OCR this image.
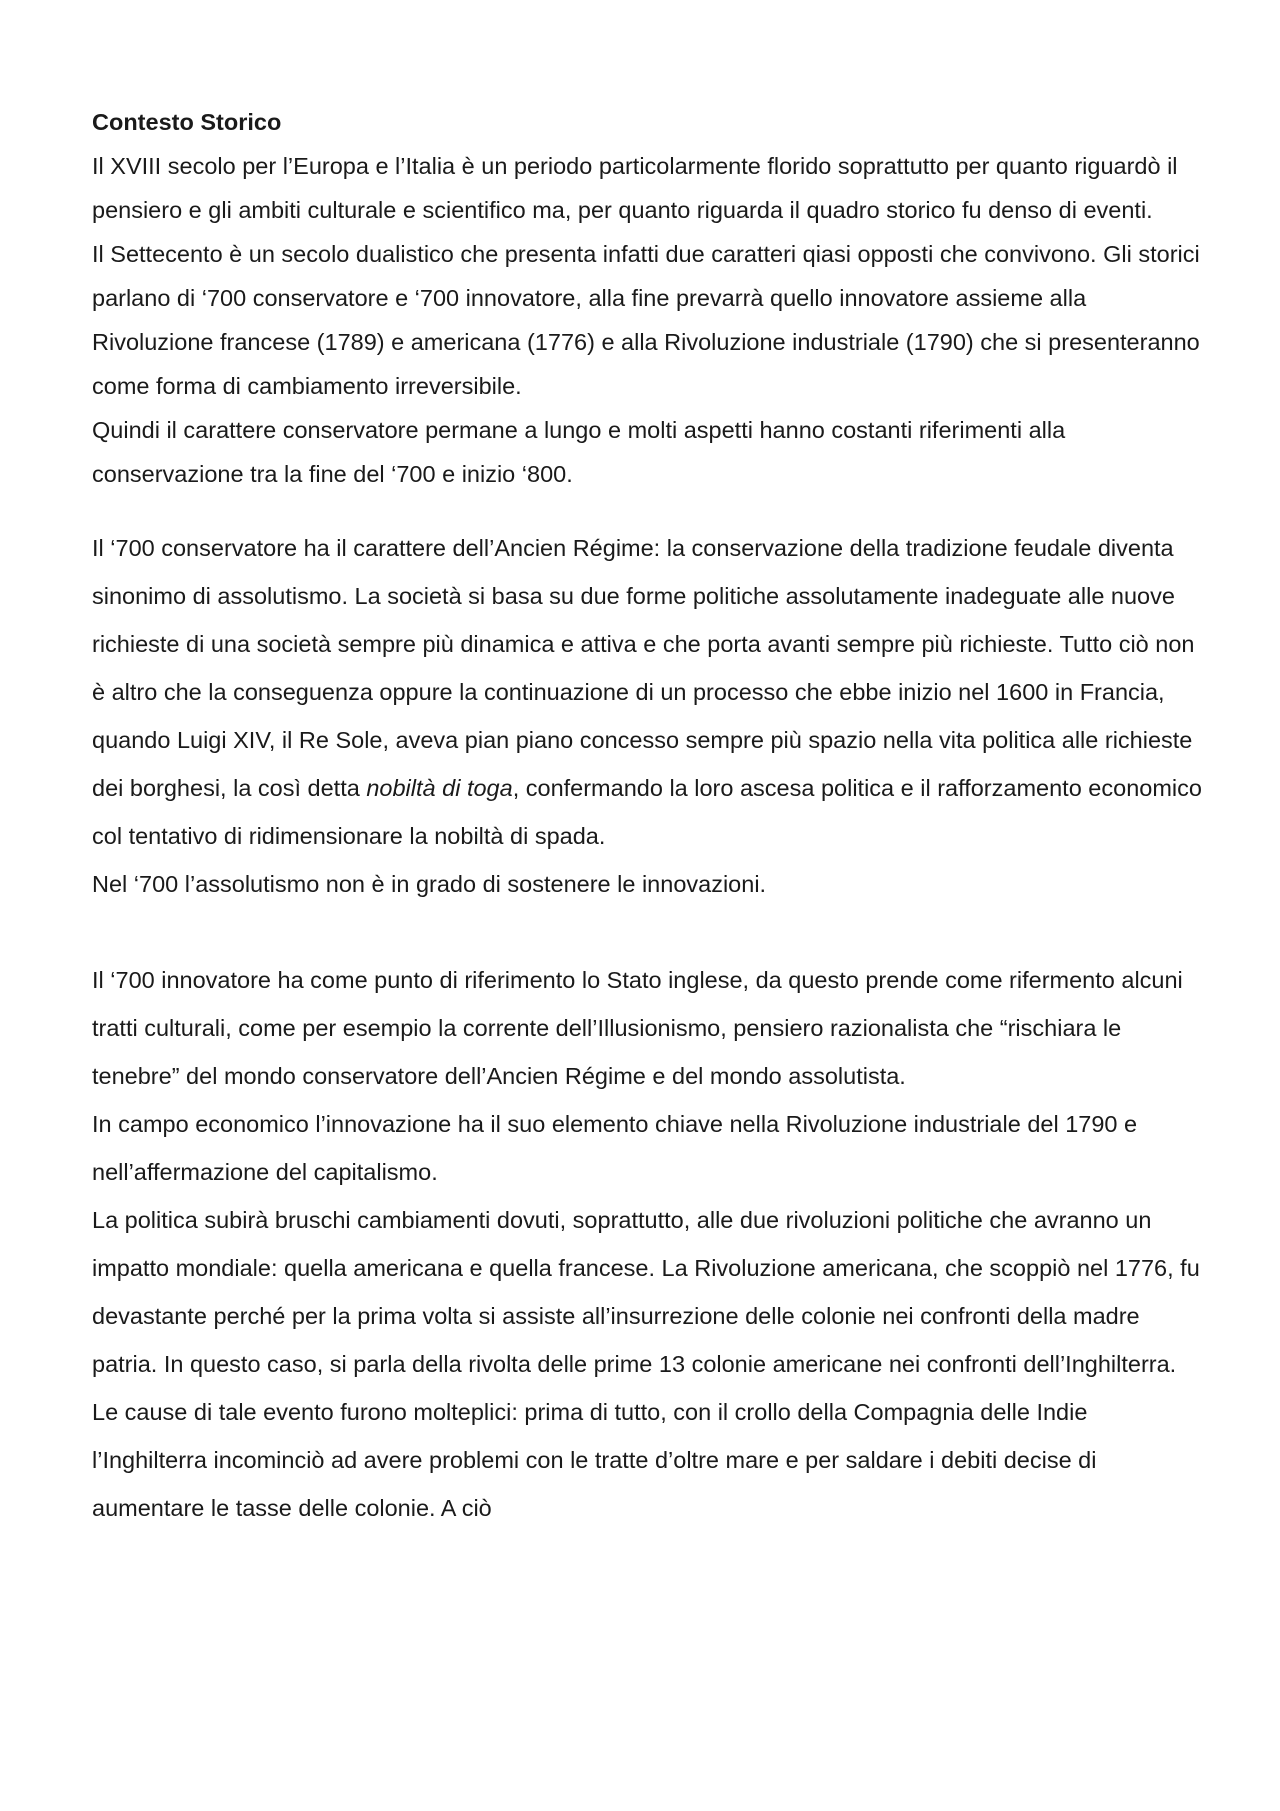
Contesto Storico

Il XVIII secolo per l’Europa e l’Italia è un periodo particolarmente florido soprattutto per quanto riguardò il pensiero e gli ambiti culturale e scientifico ma, per quanto riguarda il quadro storico fu denso di eventi.

Il Settecento è un secolo dualistico che presenta infatti due caratteri qiasi opposti che convivono. Gli storici parlano di ‘700 conservatore e ‘700 innovatore, alla fine prevarrà quello innovatore assieme alla Rivoluzione francese (1789) e americana (1776) e alla Rivoluzione industriale (1790) che si presenteranno come forma di cambiamento irreversibile.

Quindi il carattere conservatore permane a lungo e molti aspetti hanno costanti riferimenti alla conservazione tra la fine del ‘700 e inizio ‘800.

Il ‘700 conservatore ha il carattere dell’Ancien Régime: la conservazione della tradizione feudale diventa sinonimo di assolutismo. La società si basa su due forme politiche assolutamente inadeguate alle nuove richieste di una società sempre più dinamica e attiva e che porta avanti sempre più richieste. Tutto ciò non è altro che la conseguenza oppure la continuazione di un processo che ebbe inizio nel 1600 in Francia, quando Luigi XIV, il Re Sole, aveva pian piano concesso sempre più spazio nella vita politica alle richieste dei borghesi, la così detta nobiltà di toga, confermando la loro ascesa politica e il rafforzamento economico col tentativo di ridimensionare la nobiltà di spada.

Nel ‘700 l’assolutismo non è in grado di sostenere le innovazioni.

Il ‘700 innovatore ha come punto di riferimento lo Stato inglese, da questo prende come rifermento alcuni tratti culturali, come per esempio la corrente dell’Illusionismo, pensiero razionalista che “rischiara le tenebre” del mondo conservatore dell’Ancien Régime e del mondo assolutista.

In campo economico l’innovazione ha il suo elemento chiave nella Rivoluzione industriale del 1790 e nell’affermazione del capitalismo.

La politica subirà bruschi cambiamenti dovuti, soprattutto, alle due rivoluzioni politiche che avranno un impatto mondiale: quella americana e quella francese. La Rivoluzione americana, che scoppiò nel 1776, fu devastante perché per la prima volta si assiste all’insurrezione delle colonie nei confronti della madre patria. In questo caso, si parla della rivolta delle prime 13 colonie americane nei confronti dell’Inghilterra. Le cause di tale evento furono molteplici: prima di tutto, con il crollo della Compagnia delle Indie l’Inghilterra incominciò ad avere problemi con le tratte d’oltre mare e per saldare i debiti decise di aumentare le tasse delle colonie. A ciò
